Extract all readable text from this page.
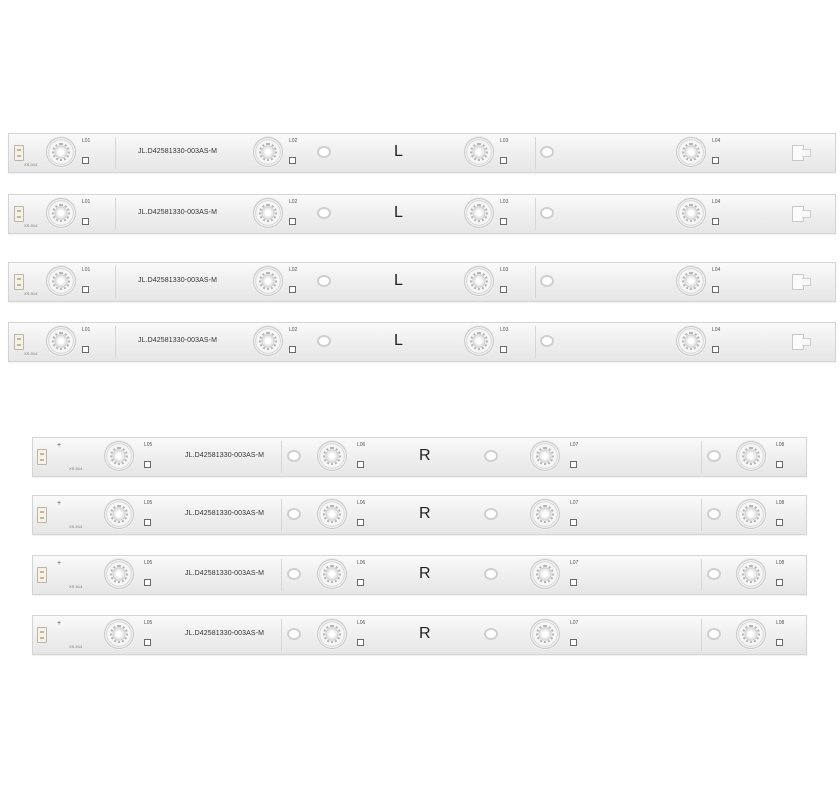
XS-914
L01	L02	L03	L04
JL.D42581330-003AS-M	L
XS-914
L01	L02	L03	L04
JL.D42581330-003AS-M	L
XS-914
L01	L02	L03	L04
JL.D42581330-003AS-M	L
XS-914
L01	L02	L03	L04
JL.D42581330-003AS-M	L
+
XS-914
L05	L06	L07	L08
JL.D42581330-003AS-M	R
+
XS-914
L05	L06	L07	L08
JL.D42581330-003AS-M	R
+
XS-914
L05	L06	L07	L08
JL.D42581330-003AS-M	R
+
XS-914
L05	L06	L07	L08
JL.D42581330-003AS-M	R
